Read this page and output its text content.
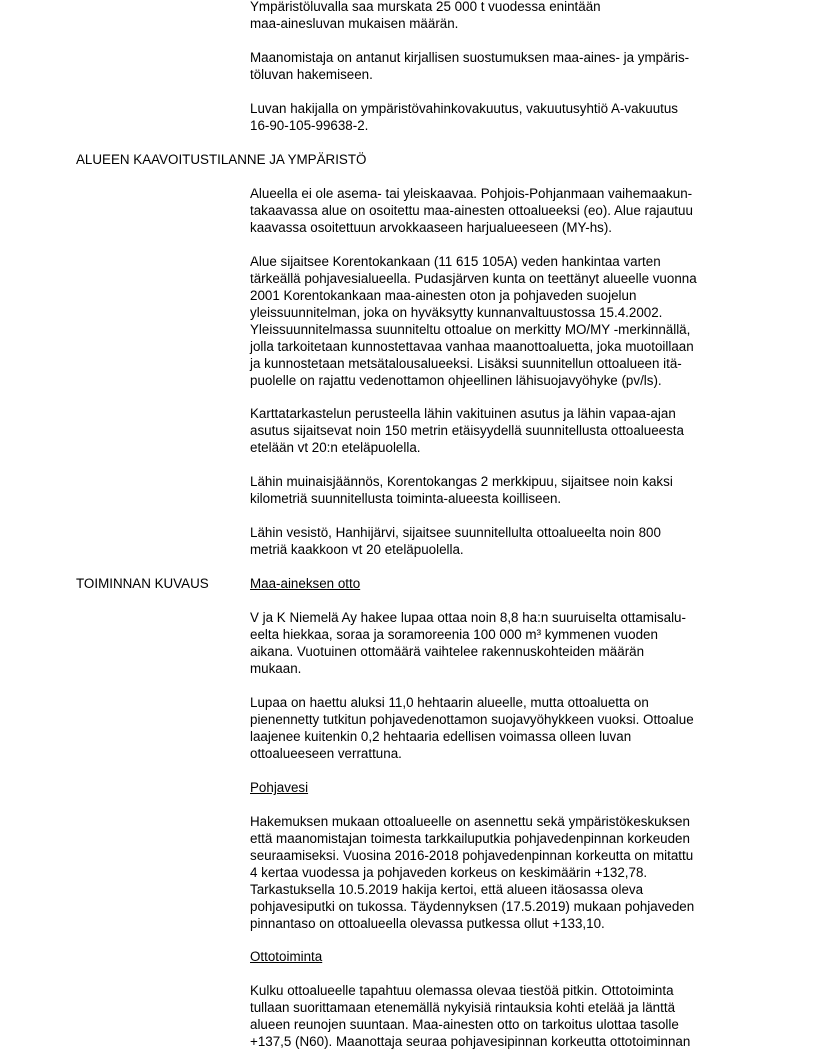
Ympäristöluvalla saa murskata 25 000 t vuodessa enintään
maa-ainesluvan mukaisen määrän.

Maanomistaja on antanut kirjallisen suostumuksen maa-aines- ja ympäris-
töluvan hakemiseen.

Luvan hakijalla on ympäristövahinkovakuutus, vakuutusyhtiö A-vakuutus
16-90-105-99638-2.

ALUEEN KAAVOITUSTILANNE JA YMPÄRISTÖ

Alueella ei ole asema- tai yleiskaavaa. Pohjois-Pohjanmaan vaihemaakun-
takaavassa alue on osoitettu maa-ainesten ottoalueeksi (eo). Alue rajautuu
kaavassa osoitettuun arvokkaaseen harjualueeseen (MY-hs).

Alue sijaitsee Korentokankaan (11 615 105A) veden hankintaa varten
tärkeällä pohjavesialueella. Pudasjärven kunta on teettänyt alueelle vuonna
2001 Korentokankaan maa-ainesten oton ja pohjaveden suojelun
yleissuunnitelman, joka on hyväksytty kunnanvaltuustossa 15.4.2002.
Yleissuunnitelmassa suunniteltu ottoalue on merkitty MO/MY -merkinnällä,
jolla tarkoitetaan kunnostettavaa vanhaa maanottoaluetta, joka muotoillaan
ja kunnostetaan metsätalousalueeksi. Lisäksi suunnitellun ottoalueen itä-
puolelle on rajattu vedenottamon ohjeellinen lähisuojavyöhyke (pv/ls).

Karttatarkastelun perusteella lähin vakituinen asutus ja lähin vapaa-ajan
asutus sijaitsevat noin 150 metrin etäisyydellä suunnitellusta ottoalueesta
etelään vt 20:n eteläpuolella.

Lähin muinaisjäännös, Korentokangas 2 merkkipuu, sijaitsee noin kaksi
kilometriä suunnitellusta toiminta-alueesta koilliseen.

Lähin vesistö, Hanhijärvi, sijaitsee suunnitellulta ottoalueelta noin 800
metriä kaakkoon vt 20 eteläpuolella.

TOIMINNAN KUVAUS	Maa-aineksen otto

V ja K Niemelä Ay hakee lupaa ottaa noin 8,8 ha:n suuruiselta ottamisalu-
eelta hiekkaa, soraa ja soramoreenia 100 000 m³ kymmenen vuoden
aikana. Vuotuinen ottomäärä vaihtelee rakennuskohteiden määrän
mukaan.

Lupaa on haettu aluksi 11,0 hehtaarin alueelle, mutta ottoaluetta on
pienennetty tutkitun pohjavedenottamon suojavyöhykkeen vuoksi. Ottoalue
laajenee kuitenkin 0,2 hehtaaria edellisen voimassa olleen luvan
ottoalueeseen verrattuna.

Pohjavesi

Hakemuksen mukaan ottoalueelle on asennettu sekä ympäristökeskuksen
että maanomistajan toimesta tarkkailuputkia pohjavedenpinnan korkeuden
seuraamiseksi. Vuosina 2016-2018 pohjavedenpinnan korkeutta on mitattu
4 kertaa vuodessa ja pohjaveden korkeus on keskimäärin +132,78.
Tarkastuksella 10.5.2019 hakija kertoi, että alueen itäosassa oleva
pohjavesiputki on tukossa. Täydennyksen (17.5.2019) mukaan pohjaveden
pinnantaso on ottoalueella olevassa putkessa ollut +133,10.

Ottotoiminta

Kulku ottoalueelle tapahtuu olemassa olevaa tiestöä pitkin. Ottotoiminta
tullaan suorittamaan etenemällä nykyisiä rintauksia kohti etelää ja länttä
alueen reunojen suuntaan. Maa-ainesten otto on tarkoitus ulottaa tasolle
+137,5 (N60). Maanottaja seuraa pohjavesipinnan korkeutta ottotoiminnan
